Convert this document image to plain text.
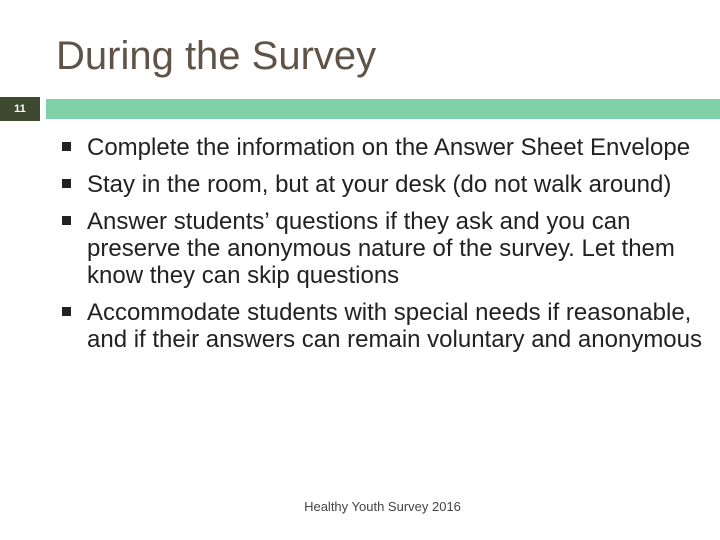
During the Survey
11
Complete the information on the Answer Sheet Envelope
Stay in the room, but at your desk (do not walk around)
Answer students’ questions if they ask and you can preserve the anonymous nature of the survey. Let them know they can skip questions
Accommodate students with special needs if reasonable, and if their answers can remain voluntary and anonymous
Healthy Youth Survey 2016
